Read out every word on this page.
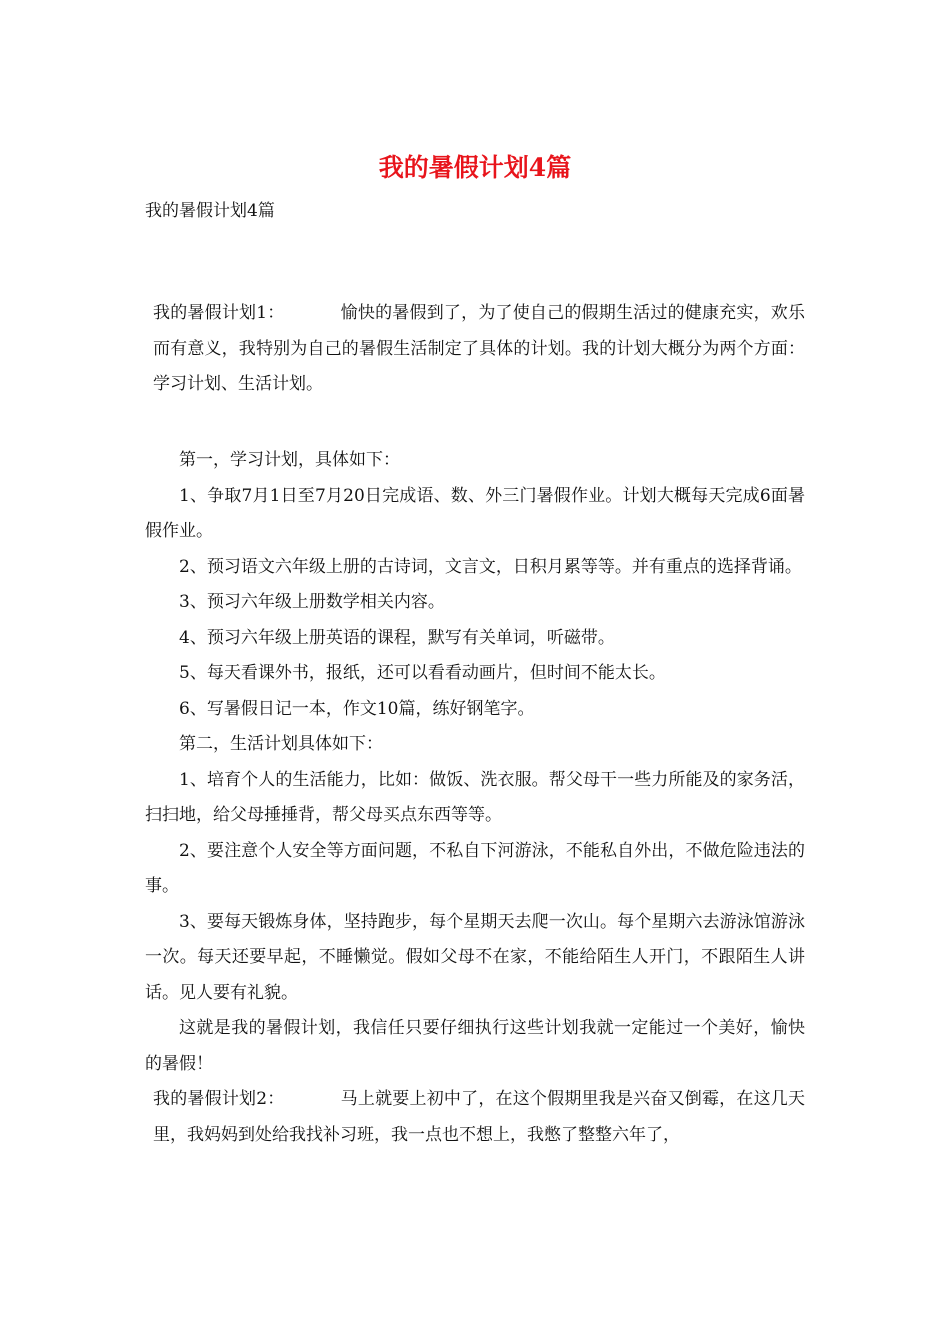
我的暑假计划4篇
我的暑假计划4篇

我的暑假计划1：	愉快的暑假到了，为了使自己的假期生活过的健康充实，欢乐而有意义，我特别为自己的暑假生活制定了具体的计划。我的计划大概分为两个方面：学习计划、生活计划。

第一，学习计划，具体如下：

1、争取7月1日至7月20日完成语、数、外三门暑假作业。计划大概每天完成6面暑假作业。

2、预习语文六年级上册的古诗词，文言文，日积月累等等。并有重点的选择背诵。

3、预习六年级上册数学相关内容。

4、预习六年级上册英语的课程，默写有关单词，听磁带。

5、每天看课外书，报纸，还可以看看动画片，但时间不能太长。

6、写暑假日记一本，作文10篇，练好钢笔字。

第二，生活计划具体如下：

1、培育个人的生活能力，比如：做饭、洗衣服。帮父母干一些力所能及的家务活，扫扫地，给父母捶捶背，帮父母买点东西等等。

2、要注意个人安全等方面问题，不私自下河游泳，不能私自外出，不做危险违法的事。

3、要每天锻炼身体，坚持跑步，每个星期天去爬一次山。每个星期六去游泳馆游泳一次。每天还要早起，不睡懒觉。假如父母不在家，不能给陌生人开门，不跟陌生人讲话。见人要有礼貌。

这就是我的暑假计划，我信任只要仔细执行这些计划我就一定能过一个美好，愉快的暑假！

我的暑假计划2：	马上就要上初中了，在这个假期里我是兴奋又倒霉，在这几天里，我妈妈到处给我找补习班，我一点也不想上，我憋了整整六年了，
